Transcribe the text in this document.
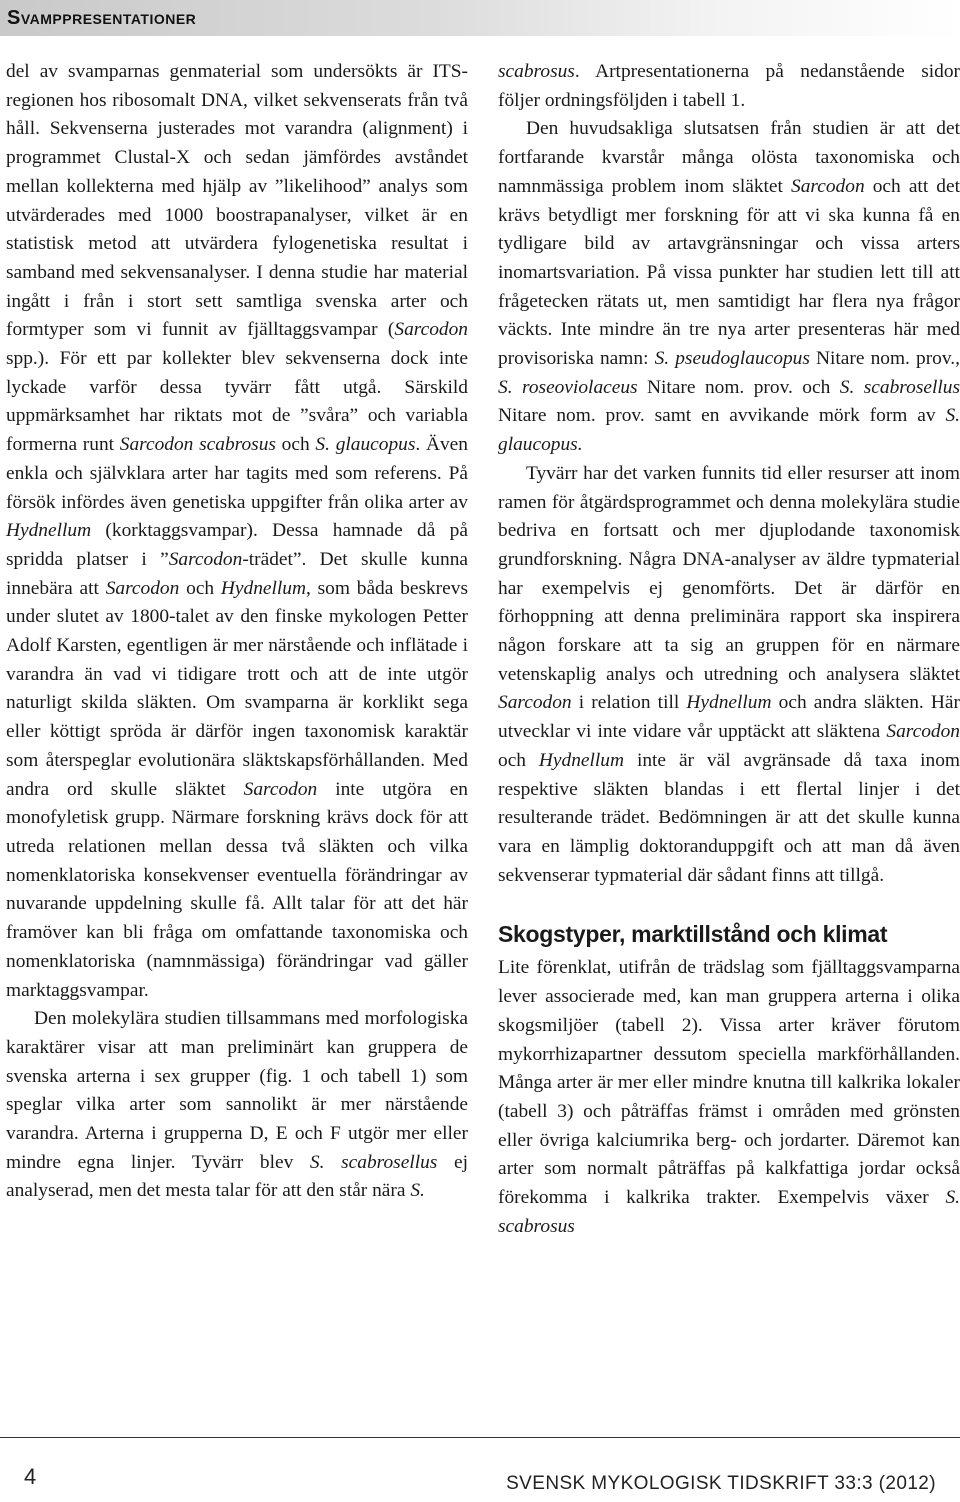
Svamppresentationer

del av svamparnas genmaterial som undersökts är ITS-regionen hos ribosomalt DNA, vilket sekvenserats från två håll. Sekvenserna justerades mot varandra (alignment) i programmet Clustal-X och sedan jämfördes avståndet mellan kollekterna med hjälp av ”likelihood” analys som utvärderades med 1000 boostrapanalyser, vilket är en statistisk metod att utvärdera fylogenetiska resultat i samband med sekvensanalyser. I denna studie har material ingått i från i stort sett samtliga svenska arter och formtyper som vi funnit av fjälltaggsvampar (Sarcodon spp.). För ett par kollekter blev sekvenserna dock inte lyckade varför dessa tyvärr fått utgå. Särskild uppmärksamhet har riktats mot de ”svåra” och variabla formerna runt Sarcodon scabrosus och S. glaucopus. Även enkla och självklara arter har tagits med som referens. På försök infördes även genetiska uppgifter från olika arter av Hydnellum (korktaggsvampar). Dessa hamnade då på spridda platser i ”Sarcodon-trädet”. Det skulle kunna innebära att Sarcodon och Hydnellum, som båda beskrevs under slutet av 1800-talet av den finske mykologen Petter Adolf Karsten, egentligen är mer närstående och inflätade i varandra än vad vi tidigare trott och att de inte utgör naturligt skilda släkten. Om svamparna är korklikt sega eller köttigt spröda är därför ingen taxonomisk karaktär som återspeglar evolutionära släktskapsförhållanden. Med andra ord skulle släktet Sarcodon inte utgöra en monofyletisk grupp. Närmare forskning krävs dock för att utreda relationen mellan dessa två släkten och vilka nomenklatoriska konsekvenser eventuella förändringar av nuvarande uppdelning skulle få. Allt talar för att det här framöver kan bli fråga om omfattande taxonomiska och nomenklatoriska (namnmässiga) förändringar vad gäller marktaggsvampar.

Den molekylära studien tillsammans med morfologiska karaktärer visar att man preliminärt kan gruppera de svenska arterna i sex grupper (fig. 1 och tabell 1) som speglar vilka arter som sannolikt är mer närstående varandra. Arterna i grupperna D, E och F utgör mer eller mindre egna linjer. Tyvärr blev S. scabrosellus ej analyserad, men det mesta talar för att den står nära S.

scabrosus. Artpresentationerna på nedanstående sidor följer ordningsföljden i tabell 1.

Den huvudsakliga slutsatsen från studien är att det fortfarande kvarstår många olösta taxonomiska och namnmässiga problem inom släktet Sarcodon och att det krävs betydligt mer forskning för att vi ska kunna få en tydligare bild av artavgränsningar och vissa arters inomartsvariation. På vissa punkter har studien lett till att frågetecken rätats ut, men samtidigt har flera nya frågor väckts. Inte mindre än tre nya arter presenteras här med provisoriska namn: S. pseudoglaucopus Nitare nom. prov., S. roseoviolaceus Nitare nom. prov. och S. scabrosellus Nitare nom. prov. samt en avvikande mörk form av S. glaucopus.

Tyvärr har det varken funnits tid eller resurser att inom ramen för åtgärdsprogrammet och denna molekylära studie bedriva en fortsatt och mer djuplodande taxonomisk grundforskning. Några DNA-analyser av äldre typmaterial har exempelvis ej genomförts. Det är därför en förhoppning att denna preliminära rapport ska inspirera någon forskare att ta sig an gruppen för en närmare vetenskaplig analys och utredning och analysera släktet Sarcodon i relation till Hydnellum och andra släkten. Här utvecklar vi inte vidare vår upptäckt att släktena Sarcodon och Hydnellum inte är väl avgränsade då taxa inom respektive släkten blandas i ett flertal linjer i det resulterande trädet. Bedömningen är att det skulle kunna vara en lämplig doktoranduppgift och att man då även sekvenserar typmaterial där sådant finns att tillgå.

Skogstyper, marktillstånd och klimat

Lite förenklat, utifrån de trädslag som fjälltaggsvamparna lever associerade med, kan man gruppera arterna i olika skogsmiljöer (tabell 2). Vissa arter kräver förutom mykorrhizapartner dessutom speciella markförhållanden. Många arter är mer eller mindre knutna till kalkrika lokaler (tabell 3) och påträffas främst i områden med grönsten eller övriga kalciumrika berg- och jordarter. Däremot kan arter som normalt påträffas på kalkfattiga jordar också förekomma i kalkrika trakter. Exempelvis växer S. scabrosus

4	SVENSK MYKOLOGISK TIDSKRIFT 33:3 (2012)
